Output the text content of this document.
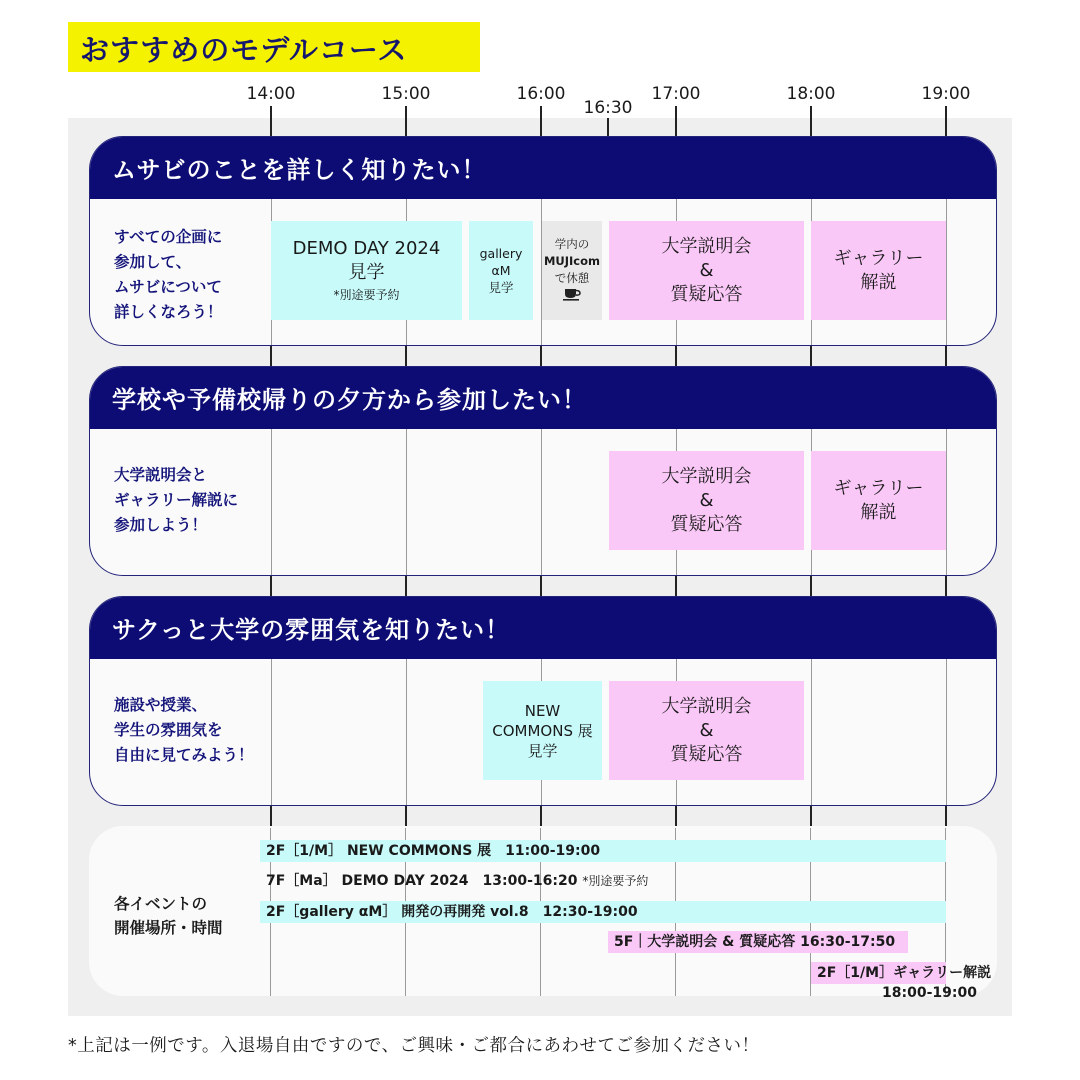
おすすめのモデルコース
14:00	15:00	16:00
16:30
17:00	18:00	19:00
ムサビのことを詳しく知りたい！
すべての企画に
参加して、
ムサビについて
詳しくなろう！
DEMO DAY 2024
見学
*別途要予約
gallery
αM
見学
学内の
MUJIcom
で休憩
大学説明会
&
質疑応答
ギャラリー
解説
学校や予備校帰りの夕方から参加したい！
大学説明会と
ギャラリー解説に
参加しよう！
大学説明会
&
質疑応答
ギャラリー
解説
サクっと大学の雰囲気を知りたい！
施設や授業、
学生の雰囲気を
自由に見てみよう！
NEW
COMMONS 展
見学
大学説明会
&
質疑応答
各イベントの
開催場所・時間
2F［1/M］ NEW COMMONS 展　11:00-19:00
7F［Ma］ DEMO DAY 2024　13:00-16:20 *別途要予約
2F［gallery αM］ 開発の再開発 vol.8　12:30-19:00
5F｜大学説明会 & 質疑応答 16:30-17:50
2F［1/M］ギャラリー解説
18:00-19:00
*上記は一例です。入退場自由ですので、ご興味・ご都合にあわせてご参加ください！
